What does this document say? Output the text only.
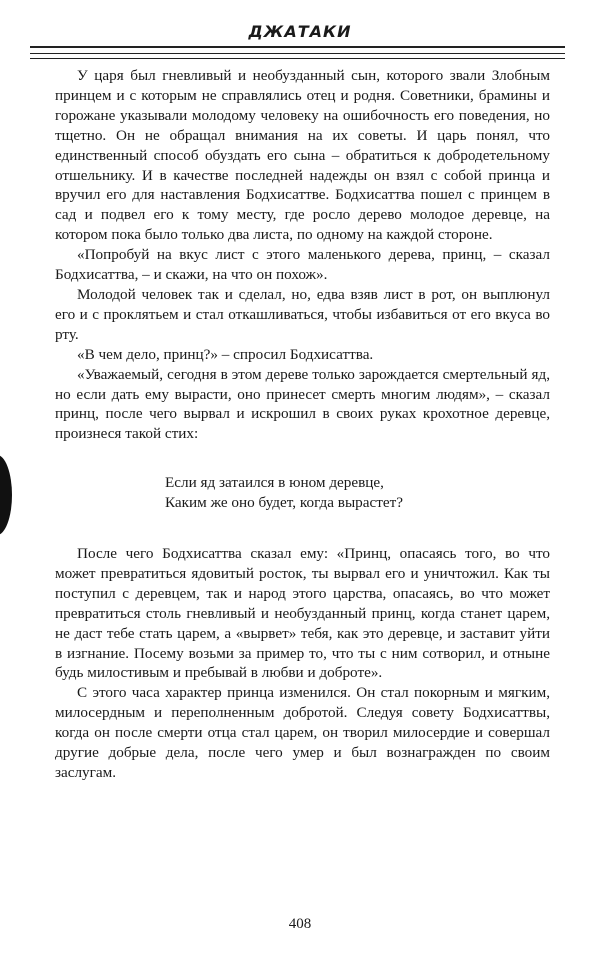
ДЖАТАКИ

У царя был гневливый и необузданный сын, которого звали Злобным принцем и с которым не справлялись отец и родня. Советники, брамины и горожане указывали молодому человеку на ошибочность его поведения, но тщетно. Он не обращал внимания на их советы. И царь понял, что единственный способ обуздать его сына – обратиться к добродетельному отшельнику. И в качестве последней надежды он взял с собой принца и вручил его для наставления Бодхисаттве. Бодхисаттва пошел с принцем в сад и подвел его к тому месту, где росло дерево молодое деревце, на котором пока было только два листа, по одному на каждой стороне.

«Попробуй на вкус лист с этого маленького дерева, принц, – сказал Бодхисаттва, – и скажи, на что он похож».

Молодой человек так и сделал, но, едва взяв лист в рот, он выплюнул его и с проклятьем и стал откашливаться, чтобы избавиться от его вкуса во рту.

«В чем дело, принц?» – спросил Бодхисаттва.

«Уважаемый, сегодня в этом дереве только зарождается смертельный яд, но если дать ему вырасти, оно принесет смерть многим людям», – сказал принц, после чего вырвал и искрошил в своих руках крохотное деревце, произнеся такой стих:

Если яд затаился в юном деревце,
Каким же оно будет, когда вырастет?

После чего Бодхисаттва сказал ему: «Принц, опасаясь того, во что может превратиться ядовитый росток, ты вырвал его и уничтожил. Как ты поступил с деревцем, так и народ этого царства, опасаясь, во что может превратиться столь гневливый и необузданный принц, когда станет царем, не даст тебе стать царем, а «вырвет» тебя, как это деревце, и заставит уйти в изгнание. Посему возьми за пример то, что ты с ним сотворил, и отныне будь милостивым и пребывай в любви и доброте».

С этого часа характер принца изменился. Он стал покорным и мягким, милосердным и переполненным добротой. Следуя совету Бодхисаттвы, когда он после смерти отца стал царем, он творил милосердие и совершал другие добрые дела, после чего умер и был вознагражден по своим заслугам.

408
